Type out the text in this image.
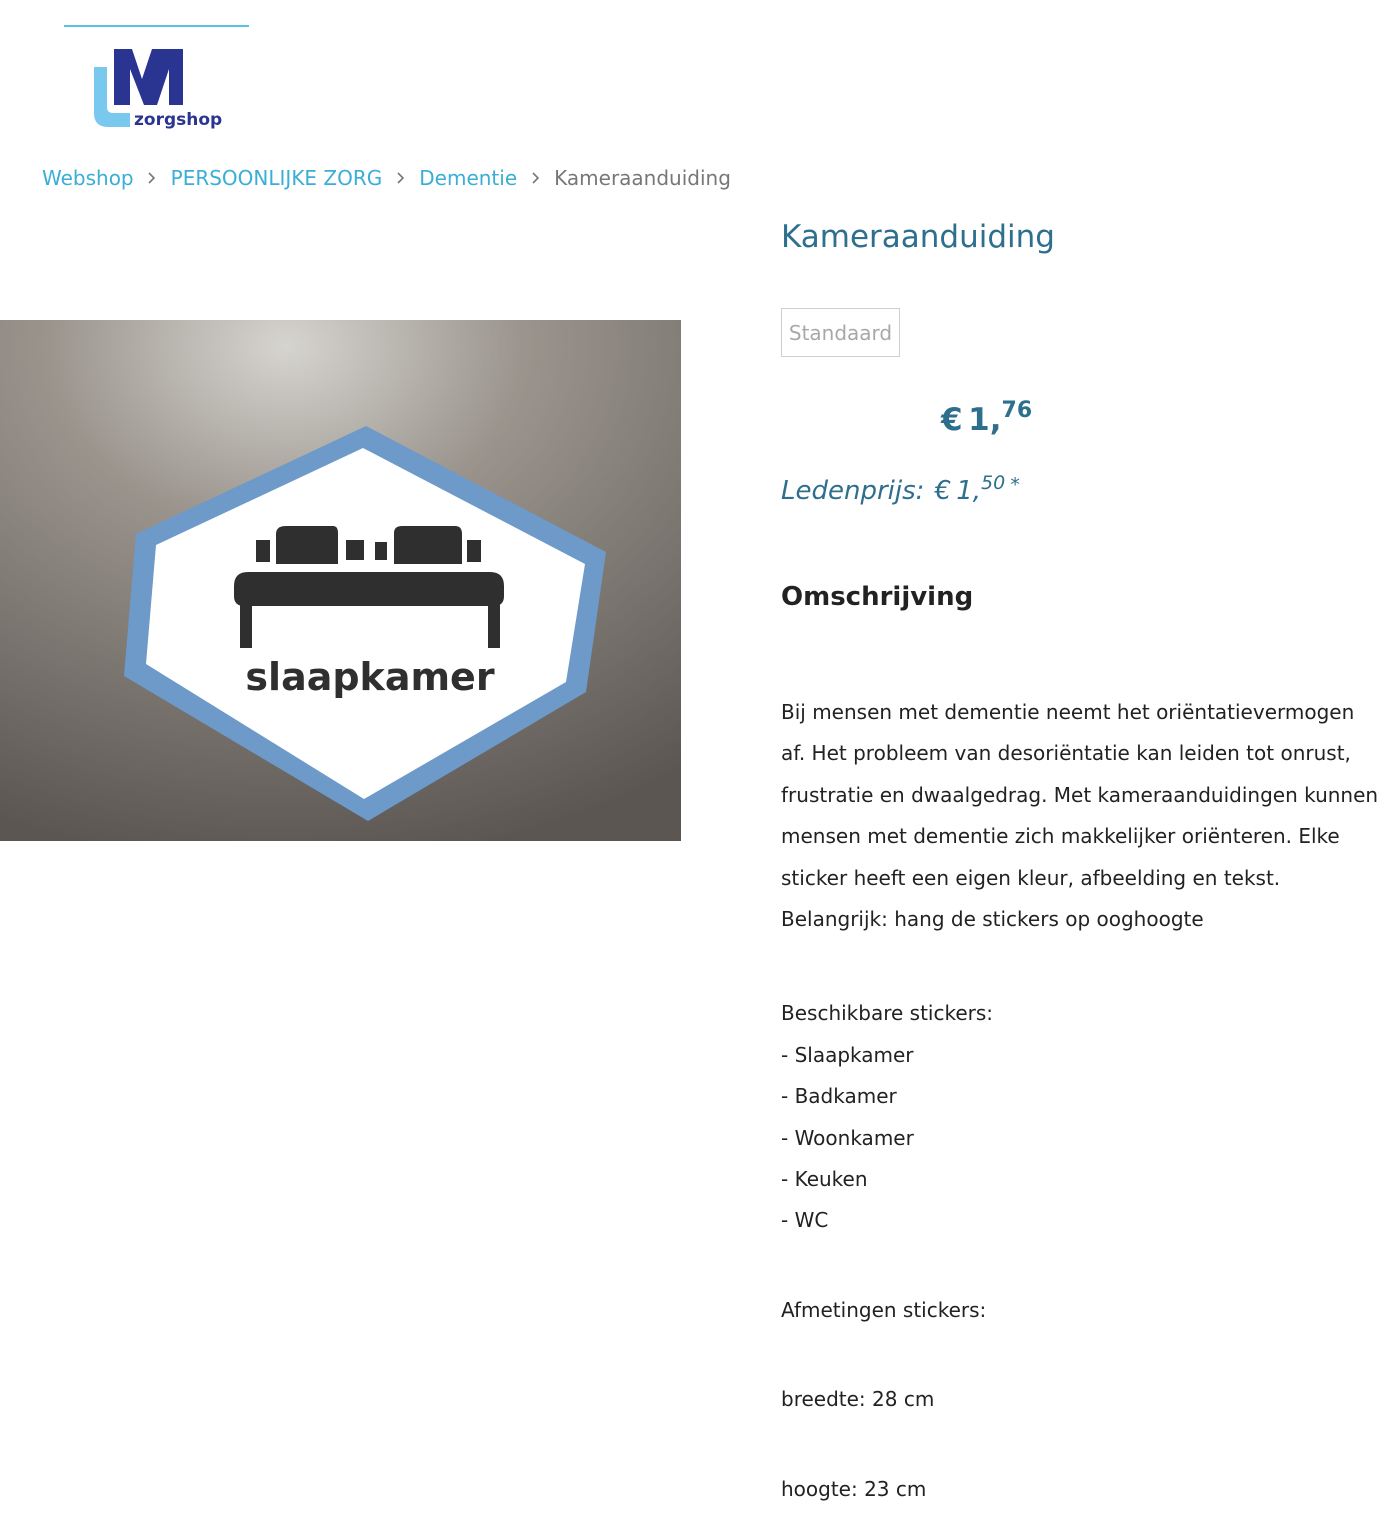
zorgshop
Webshop PERSOONLIJKE ZORG Dementie Kameraanduiding
slaapkamer
Kameraanduiding
Standaard
€ 1,76
Ledenprijs: € 1,50 *
Omschrijving

Bij mensen met dementie neemt het oriëntatievermogen

af. Het probleem van desoriëntatie kan leiden tot onrust,

frustratie en dwaalgedrag. Met kameraanduidingen kunnen

mensen met dementie zich makkelijker oriënteren. Elke

sticker heeft een eigen kleur, afbeelding en tekst.

Belangrijk: hang de stickers op ooghoogte

Beschikbare stickers:

- Slaapkamer

- Badkamer

- Woonkamer

- Keuken

- WC

Afmetingen stickers:

breedte: 28 cm

hoogte: 23 cm
